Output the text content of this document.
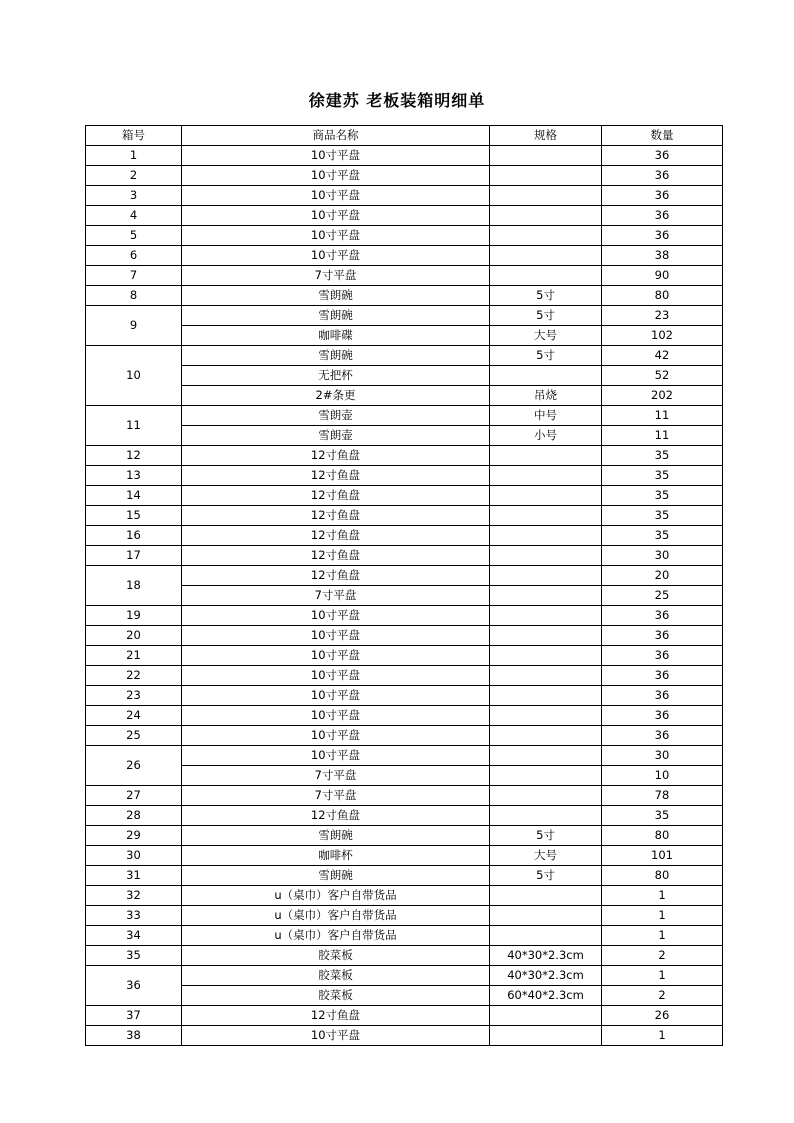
徐建苏 老板装箱明细单
箱号	商品名称	规格	数量
1	10寸平盘		36
2	10寸平盘		36
3	10寸平盘		36
4	10寸平盘		36
5	10寸平盘		36
6	10寸平盘		38
7	7寸平盘		90
8	雪朗碗	5寸	80
9	雪朗碗	5寸	23
	咖啡碟	大号	102
10	雪朗碗	5寸	42
	无把杯		52
	2#条更	吊烧	202
11	雪朗壶	中号	11
	雪朗壶	小号	11
12	12寸鱼盘		35
13	12寸鱼盘		35
14	12寸鱼盘		35
15	12寸鱼盘		35
16	12寸鱼盘		35
17	12寸鱼盘		30
18	12寸鱼盘		20
	7寸平盘		25
19	10寸平盘		36
20	10寸平盘		36
21	10寸平盘		36
22	10寸平盘		36
23	10寸平盘		36
24	10寸平盘		36
25	10寸平盘		36
26	10寸平盘		30
	7寸平盘		10
27	7寸平盘		78
28	12寸鱼盘		35
29	雪朗碗	5寸	80
30	咖啡杯	大号	101
31	雪朗碗	5寸	80
32	u（桌巾）客户自带货品		1
33	u（桌巾）客户自带货品		1
34	u（桌巾）客户自带货品		1
35	胶菜板	40*30*2.3cm	2
36	胶菜板	40*30*2.3cm	1
	胶菜板	60*40*2.3cm	2
37	12寸鱼盘		26
38	10寸平盘		1
